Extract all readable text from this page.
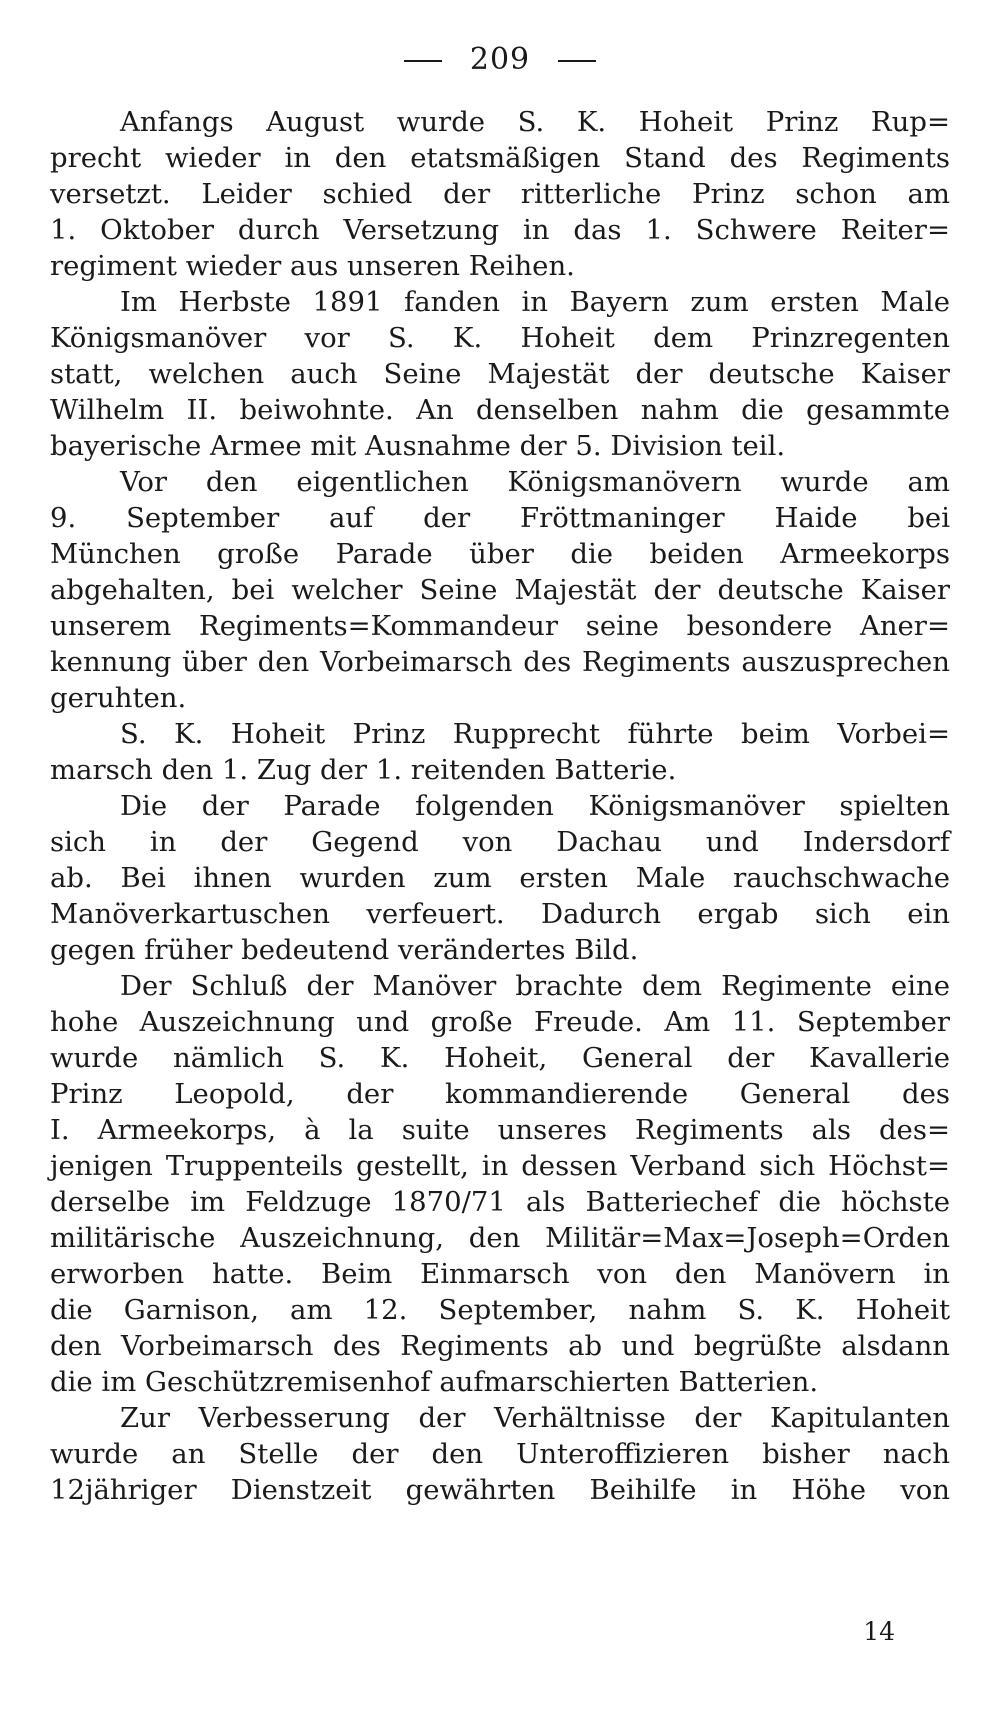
209
Anfangs August wurde S. K. Hoheit Prinz Rup=
precht wieder in den etatsmäßigen Stand des Regiments
versetzt. Leider schied der ritterliche Prinz schon am
1. Oktober durch Versetzung in das 1. Schwere Reiter=
regiment wieder aus unseren Reihen.
Im Herbste 1891 fanden in Bayern zum ersten Male
Königsmanöver vor S. K. Hoheit dem Prinzregenten
statt, welchen auch Seine Majestät der deutsche Kaiser
Wilhelm II. beiwohnte. An denselben nahm die gesammte
bayerische Armee mit Ausnahme der 5. Division teil.
Vor den eigentlichen Königsmanövern wurde am
9. September auf der Fröttmaninger Haide bei
München große Parade über die beiden Armeekorps
abgehalten, bei welcher Seine Majestät der deutsche Kaiser
unserem Regiments=Kommandeur seine besondere Aner=
kennung über den Vorbeimarsch des Regiments auszusprechen
geruhten.
S. K. Hoheit Prinz Rupprecht führte beim Vorbei=
marsch den 1. Zug der 1. reitenden Batterie.
Die der Parade folgenden Königsmanöver spielten
sich in der Gegend von Dachau und Indersdorf
ab. Bei ihnen wurden zum ersten Male rauchschwache
Manöverkartuschen verfeuert. Dadurch ergab sich ein
gegen früher bedeutend verändertes Bild.
Der Schluß der Manöver brachte dem Regimente eine
hohe Auszeichnung und große Freude. Am 11. September
wurde nämlich S. K. Hoheit, General der Kavallerie
Prinz Leopold, der kommandierende General des
I. Armeekorps, à la suite unseres Regiments als des=
jenigen Truppenteils gestellt, in dessen Verband sich Höchst=
derselbe im Feldzuge 1870/71 als Batteriechef die höchste
militärische Auszeichnung, den Militär=Max=Joseph=Orden
erworben hatte. Beim Einmarsch von den Manövern in
die Garnison, am 12. September, nahm S. K. Hoheit
den Vorbeimarsch des Regiments ab und begrüßte alsdann
die im Geschützremisenhof aufmarschierten Batterien.
Zur Verbesserung der Verhältnisse der Kapitulanten
wurde an Stelle der den Unteroffizieren bisher nach
12jähriger Dienstzeit gewährten Beihilfe in Höhe von
14
